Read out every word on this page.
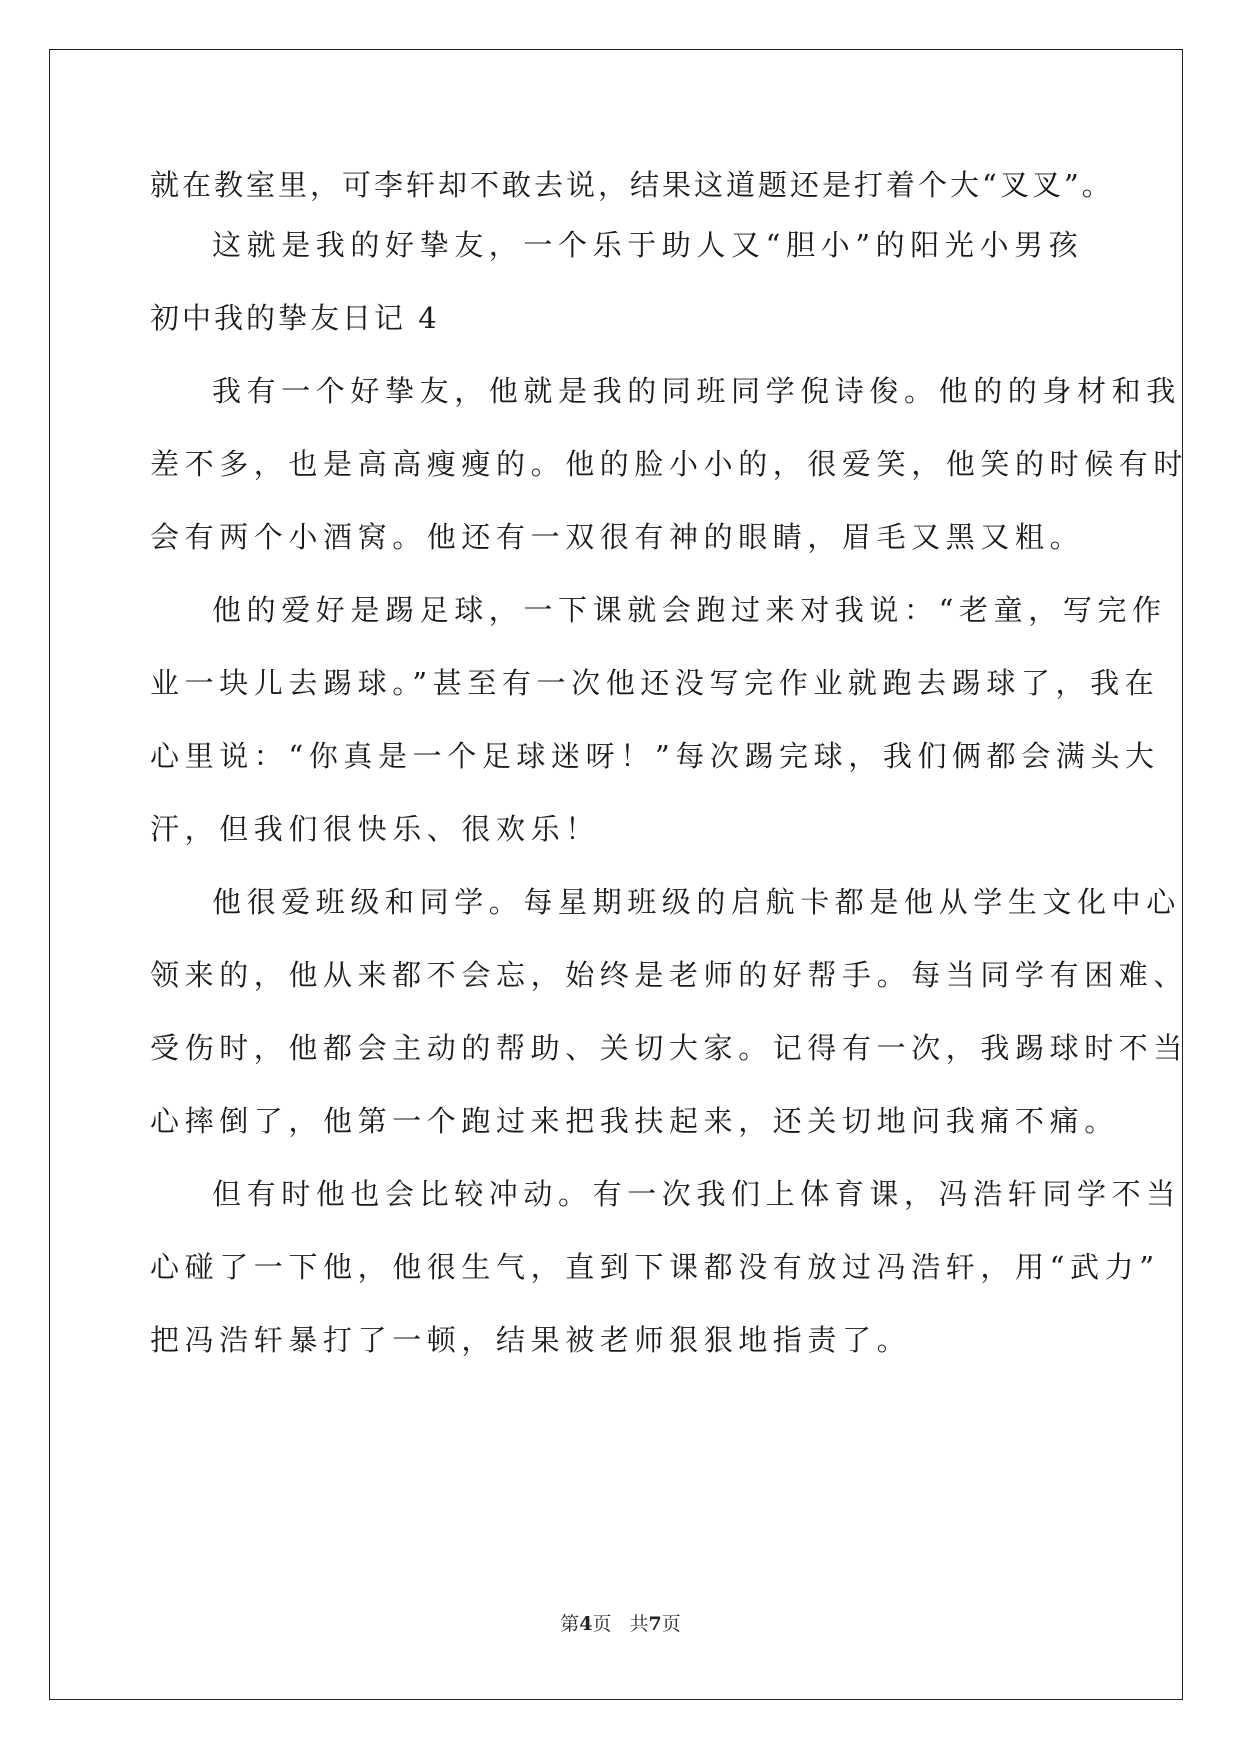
就在教室里，可李轩却不敢去说，结果这道题还是打着个大“叉叉”。
这就是我的好挚友，一个乐于助人又“胆小”的阳光小男孩
初中我的挚友日记 4
我有一个好挚友，他就是我的同班同学倪诗俊。他的的身材和我
差不多，也是高高瘦瘦的。他的脸小小的，很爱笑，他笑的时候有时
会有两个小酒窝。他还有一双很有神的眼睛，眉毛又黑又粗。
他的爱好是踢足球，一下课就会跑过来对我说：“老童，写完作
业一块儿去踢球。”甚至有一次他还没写完作业就跑去踢球了，我在
心里说：“你真是一个足球迷呀！”每次踢完球，我们俩都会满头大
汗，但我们很快乐、很欢乐！
他很爱班级和同学。每星期班级的启航卡都是他从学生文化中心
领来的，他从来都不会忘，始终是老师的好帮手。每当同学有困难、
受伤时，他都会主动的帮助、关切大家。记得有一次，我踢球时不当
心摔倒了，他第一个跑过来把我扶起来，还关切地问我痛不痛。
但有时他也会比较冲动。有一次我们上体育课，冯浩轩同学不当
心碰了一下他，他很生气，直到下课都没有放过冯浩轩，用“武力”
把冯浩轩暴打了一顿，结果被老师狠狠地指责了。
第4页 共7页
